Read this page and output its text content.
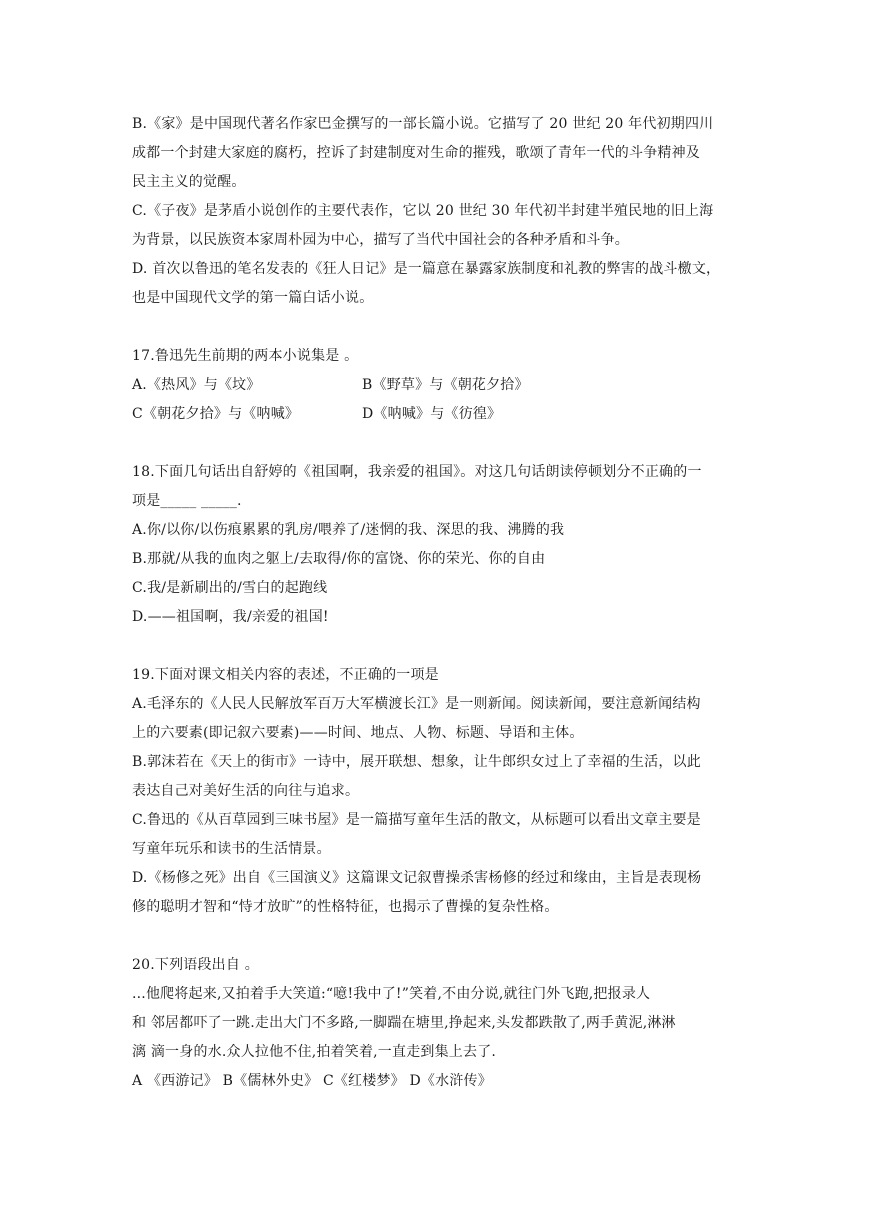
B.《家》是中国现代著名作家巴金撰写的一部长篇小说。它描写了 20 世纪 20 年代初期四川
成都一个封建大家庭的腐朽，控诉了封建制度对生命的摧残，歌颂了青年一代的斗争精神及
民主主义的觉醒。
C.《子夜》是茅盾小说创作的主要代表作，它以 20 世纪 30 年代初半封建半殖民地的旧上海
为背景，以民族资本家周朴园为中心，描写了当代中国社会的各种矛盾和斗争。
D. 首次以鲁迅的笔名发表的《狂人日记》是一篇意在暴露家族制度和礼教的弊害的战斗檄文，
也是中国现代文学的第一篇白话小说。
17.鲁迅先生前期的两本小说集是 。
A.《热风》与《坟》	B《野草》与《朝花夕拾》
C《朝花夕拾》与《呐喊》	D《呐喊》与《彷徨》
18.下面几句话出自舒婷的《祖国啊，我亲爱的祖国》。对这几句话朗读停顿划分不正确的一
项是_____ _____.
A.你/以你/以伤痕累累的乳房/喂养了/迷惘的我、深思的我、沸腾的我
B.那就/从我的血肉之躯上/去取得/你的富饶、你的荣光、你的自由
C.我/是新刷出的/雪白的起跑线
D.——祖国啊，我/亲爱的祖国!
19.下面对课文相关内容的表述，不正确的一项是
A.毛泽东的《人民人民解放军百万大军横渡长江》是一则新闻。阅读新闻，要注意新闻结构
上的六要素(即记叙六要素)——时间、地点、人物、标题、导语和主体。
B.郭沫若在《天上的街市》一诗中，展开联想、想象，让牛郎织女过上了幸福的生活，以此
表达自己对美好生活的向往与追求。
C.鲁迅的《从百草园到三味书屋》是一篇描写童年生活的散文，从标题可以看出文章主要是
写童年玩乐和读书的生活情景。
D.《杨修之死》出自《三国演义》这篇课文记叙曹操杀害杨修的经过和缘由，主旨是表现杨
修的聪明才智和“恃才放旷”的性格特征，也揭示了曹操的复杂性格。
20.下列语段出自 。
...他爬将起来,又拍着手大笑道:“噫!我中了!”笑着,不由分说,就往门外飞跑,把报录人
和 邻居都吓了一跳.走出大门不多路,一脚踹在塘里,挣起来,头发都跌散了,两手黄泥,淋淋
漓 滴一身的水.众人拉他不住,拍着笑着,一直走到集上去了.
A 《西游记》 B《儒林外史》 C《红楼梦》 D《水浒传》
